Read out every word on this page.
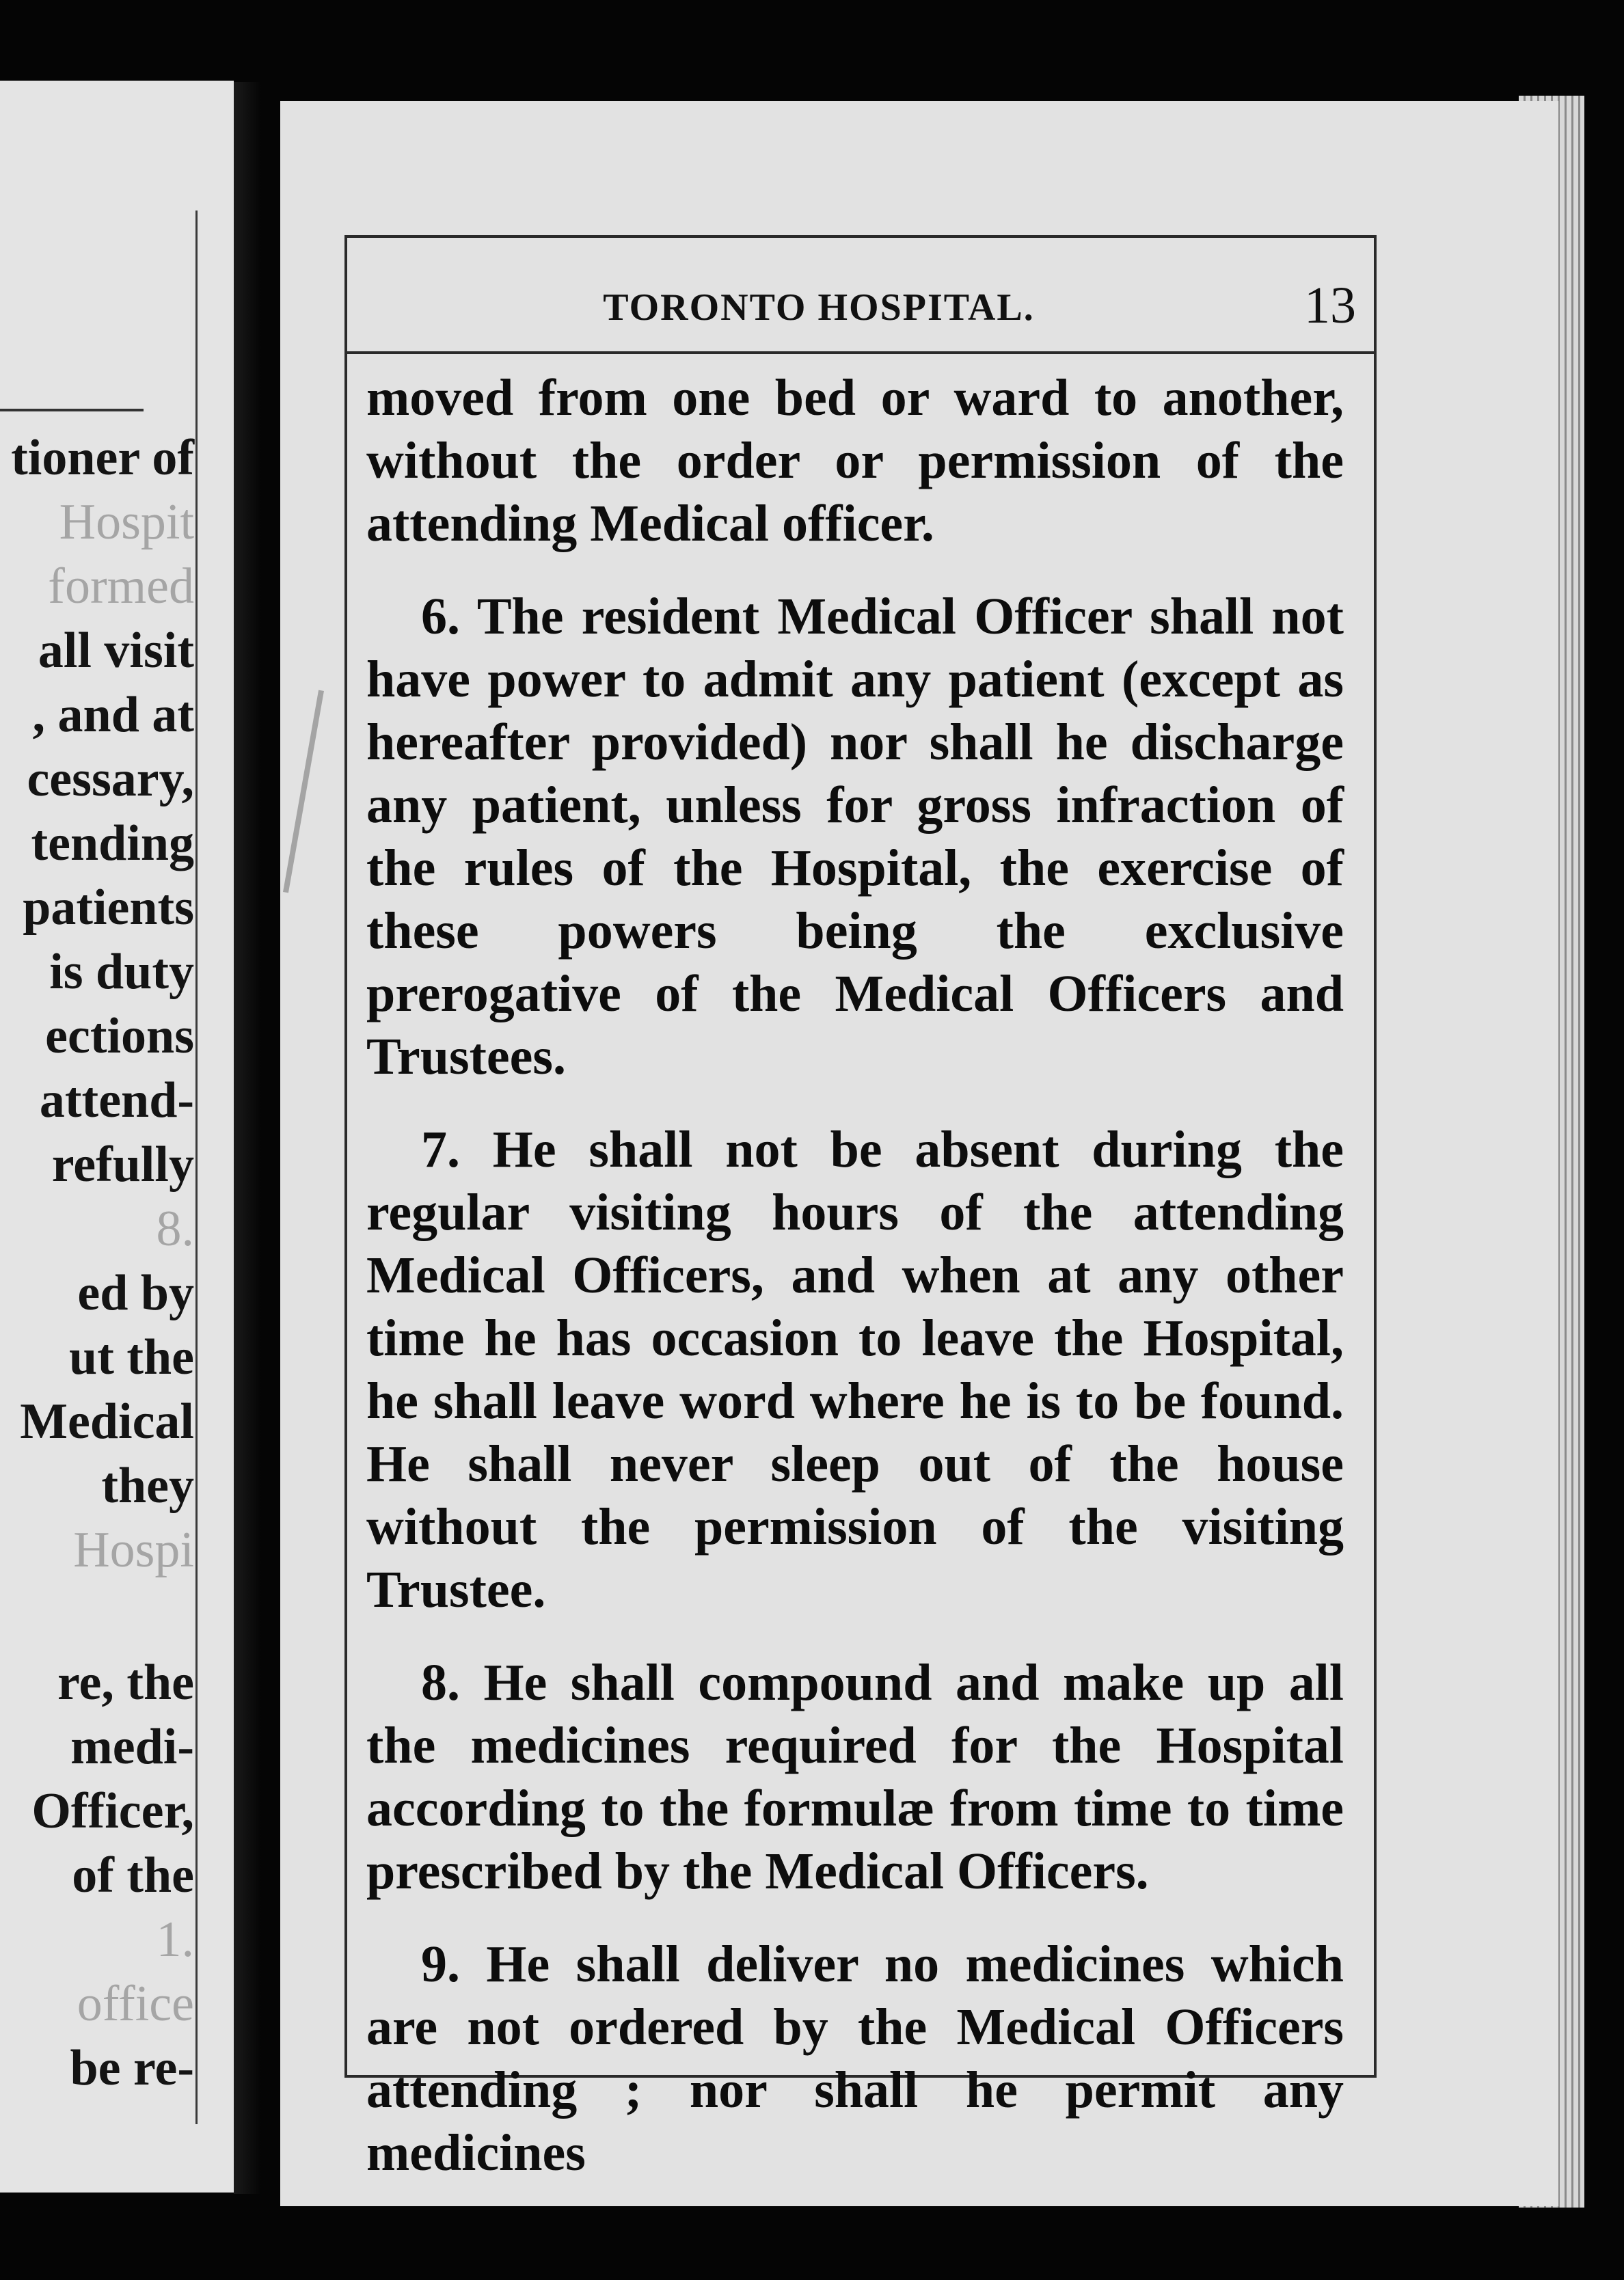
tioner of
Hospit
formed
all visit
, and at
cessary,
tending
patients
is duty
ections
attend-
refully
8.
ed by
ut the
Medical
they
Hospi
re, the
medi-
Officer,
of the
1.
office
be re-
TORONTO HOSPITAL.	13

moved from one bed or ward to another, without the order or permission of the attending Medical officer.

6. The resident Medical Officer shall not have power to admit any patient (except as hereafter provided) nor shall he discharge any patient, unless for gross infraction of the rules of the Hospital, the exercise of these powers being the exclusive prerogative of the Medical Officers and Trustees.

7. He shall not be absent during the regular visiting hours of the attending Medical Officers, and when at any other time he has occasion to leave the Hospital, he shall leave word where he is to be found. He shall never sleep out of the house without the permission of the visiting Trustee.

8. He shall compound and make up all the medicines required for the Hospital according to the formulæ from time to time prescribed by the Medical Officers.

9. He shall deliver no medicines which are not ordered by the Medical Officers attending ; nor shall he permit any medicines
